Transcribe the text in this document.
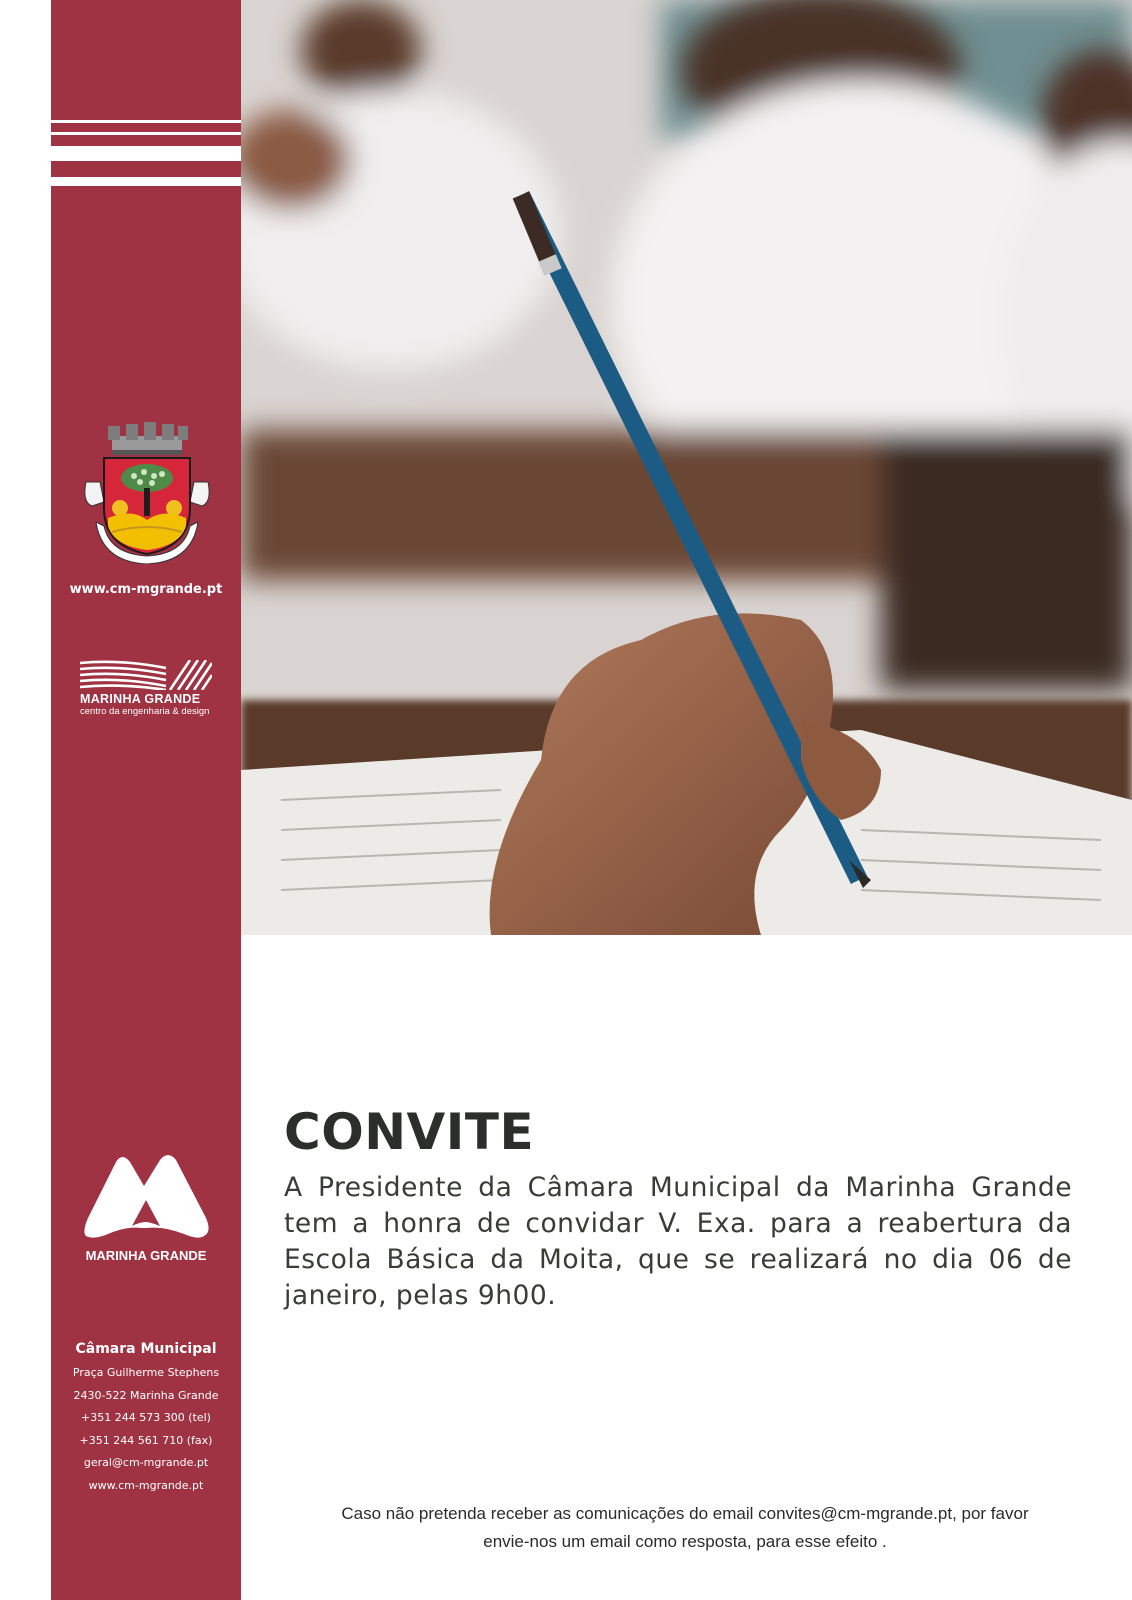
www.cm-mgrande.pt
MARINHA GRANDE
centro da engenharia & design
MARINHA GRANDE
Câmara Municipal
Praça Guilherme Stephens
2430-522 Marinha Grande
+351 244 573 300 (tel)
+351 244 561 710 (fax)
geral@cm-mgrande.pt
www.cm-mgrande.pt
CONVITE
A Presidente da Câmara Municipal da Marinha Grande tem a honra de convidar V. Exa. para a reabertura da Escola Básica da Moita, que se realizará no dia 06 de janeiro, pelas 9h00.
Caso não pretenda receber as comunicações do email convites@cm-mgrande.pt, por favor
envie-nos um email como resposta, para esse efeito .
